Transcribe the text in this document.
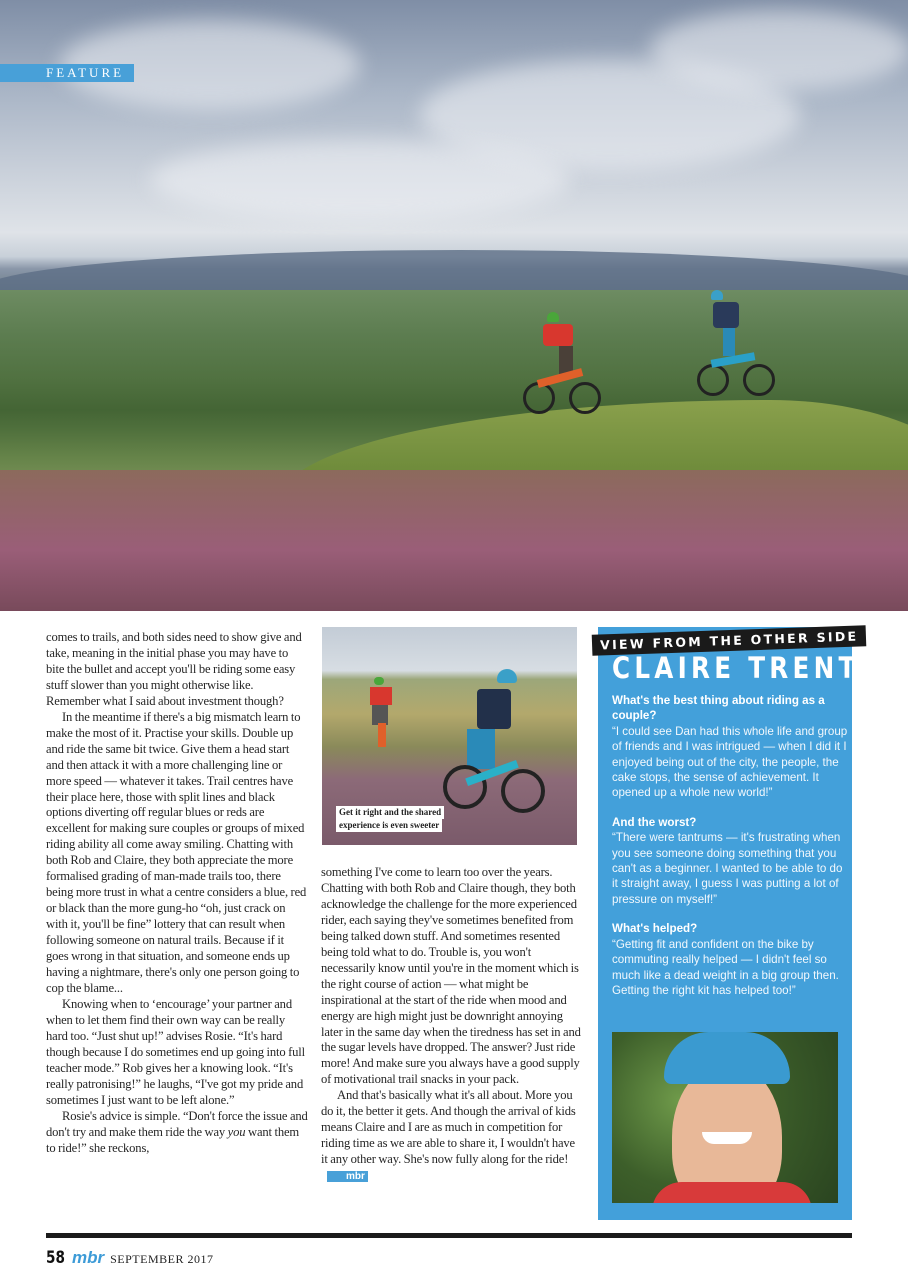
FEATURE

comes to trails, and both sides need to show give and take, meaning in the initial phase you may have to bite the bullet and accept you'll be riding some easy stuff slower than you might otherwise like. Remember what I said about investment though?

In the meantime if there's a big mismatch learn to make the most of it. Practise your skills. Double up and ride the same bit twice. Give them a head start and then attack it with a more challenging line or more speed — whatever it takes. Trail centres have their place here, those with split lines and black options diverting off regular blues or reds are excellent for making sure couples or groups of mixed riding ability all come away smiling. Chatting with both Rob and Claire, they both appreciate the more formalised grading of man-made trails too, there being more trust in what a centre considers a blue, red or black than the more gung-ho “oh, just crack on with it, you'll be fine” lottery that can result when following someone on natural trails. Because if it goes wrong in that situation, and someone ends up having a nightmare, there's only one person going to cop the blame...

Knowing when to ‘encourage’ your partner and when to let them find their own way can be really hard too. “Just shut up!” advises Rosie. “It's hard though because I do sometimes end up going into full teacher mode.” Rob gives her a knowing look. “It's really patronising!” he laughs, “I've got my pride and sometimes I just want to be left alone.”

Rosie's advice is simple. “Don't force the issue and don't try and make them ride the way you want them to ride!” she reckons,

Get it right and the shared
experience is even sweeter

something I've come to learn too over the years. Chatting with both Rob and Claire though, they both acknowledge the challenge for the more experienced rider, each saying they've sometimes benefited from being talked down stuff. And sometimes resented being told what to do. Trouble is, you won't necessarily know until you're in the moment which is the right course of action — what might be inspirational at the start of the ride when mood and energy are high might just be downright annoying later in the same day when the tiredness has set in and the sugar levels have dropped. The answer? Just ride more! And make sure you always have a good supply of motivational trail snacks in your pack.

And that's basically what it's all about. More you do it, the better it gets. And though the arrival of kids means Claire and I are as much in competition for riding time as we are able to share it, I wouldn't have it any other way. She's now fully along for the ride!mbr

VIEW FROM THE OTHER SIDE
CLAIRE TRENT
What's the best thing about riding as a couple?
“I could see Dan had this whole life and group of friends and I was intrigued — when I did it I enjoyed being out of the city, the people, the cake stops, the sense of achievement. It opened up a whole new world!”
And the worst?
“There were tantrums — it's frustrating when you see someone doing something that you can't as a beginner. I wanted to be able to do it straight away, I guess I was putting a lot of pressure on myself!”
What's helped?
“Getting fit and confident on the bike by commuting really helped — I didn't feel so much like a dead weight in a big group then. Getting the right kit has helped too!”
58 mbr SEPTEMBER 2017
